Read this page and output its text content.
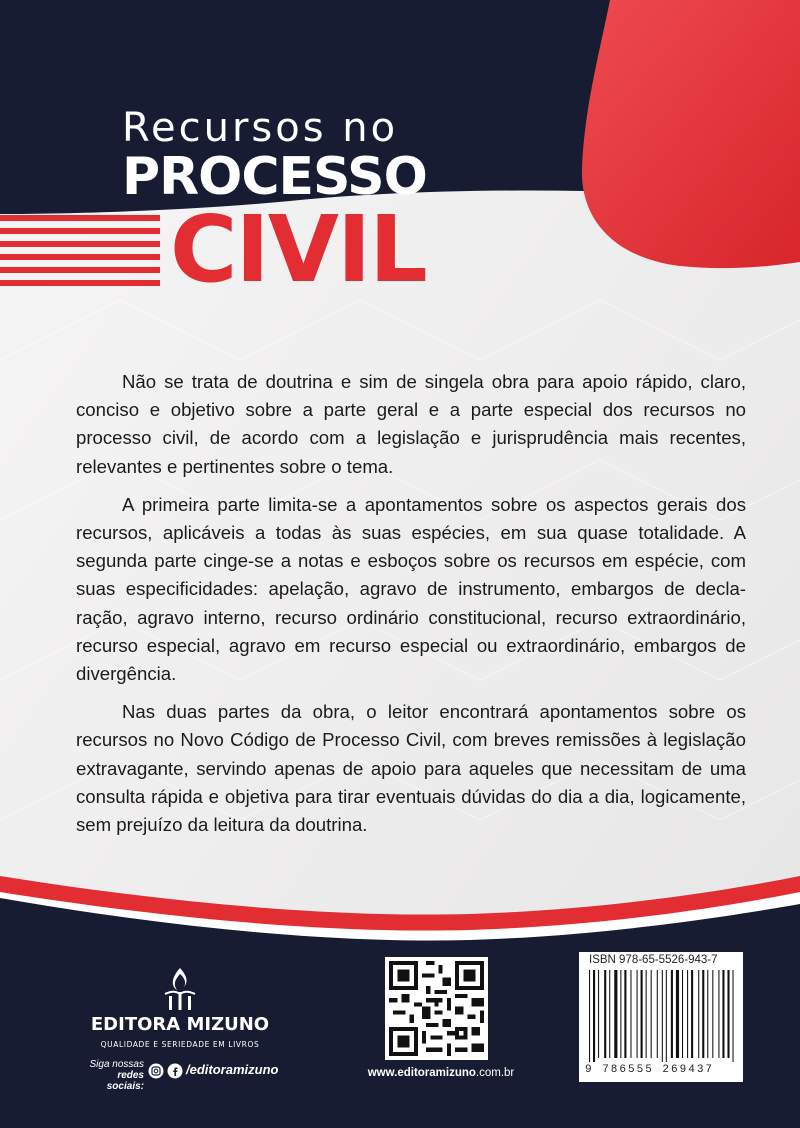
Recursos no
PROCESSO
CIVIL

Não se trata de doutrina e sim de singela obra para apoio rápido, claro, conciso e objetivo sobre a parte geral e a parte especial dos recursos no processo civil, de acordo com a legislação e jurisprudência mais recentes, relevantes e pertinentes sobre o tema.

A primeira parte limita-se a apontamentos sobre os aspectos gerais dos recursos, aplicáveis a todas às suas espécies, em sua quase totalidade. A segunda parte cinge-se a notas e esboços sobre os recursos em espécie, com suas especificidades: apelação, agravo de instrumento, embargos de declaração, agravo interno, recurso ordinário constitucional, recurso extraordinário, recurso especial, agravo em recurso especial ou extraordinário, embargos de divergência.

Nas duas partes da obra, o leitor encontrará apontamentos sobre os recursos no Novo Código de Processo Civil, com breves remissões à legislação extravagante, servindo apenas de apoio para aqueles que necessitam de uma consulta rápida e objetiva para tirar eventuais dúvidas do dia a dia, logicamente, sem prejuízo da leitura da doutrina.

EDITORA MIZUNO
QUALIDADE E SERIEDADE EM LIVROS
Siga nossas
redes sociais:
/editoramizuno	www.editoramizuno.com.br
ISBN 978-65-5526-943-7
9 786555 269437
